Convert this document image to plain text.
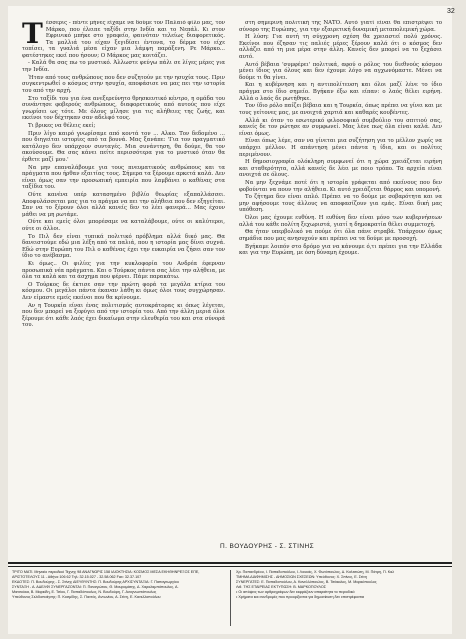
32

Τέσσερις - πέντε μήνες είχαμε να δούμε τον Παλαιό φίλο μας, τον Μάρκο, που έλειπε ταξίδι στην Ινδία και το Νεπάλ. Κι στον Εφρινικό μπήκε στο γραφείο, φαινόταν τελείως διαφορετικός. Τα μαλλιά του είχαν ξεγιδίσει έντονα, το δέρμα του είχε τοπίσει, τα γυαλιά μέσα είχαν μια λάμψη παράξενη. Ρε Μάρκο... φατέστηκες εκεί που ήσουν; Ο Μάρκος μας κοιτάζει.

- Καλά θα σας πω το μυστικό. Άλλωστε φεύγω πάλι σε λίγες μέρες για την Ινδία.

Ήταν από τους ανθρώπους που δεν συζητούν με την ησυχία τους. Πριν συγκεντρωθεί ο κόσμος στην ησυχία, αποφάσισε να μας πει την ιστορία του από την αρχή.

Στο ταξίδι του για ένα ανεξερεύνητο θρησκευτικό κέντρο, η ομάδα του συνάντησε φοβερούς ανθρώπους, διαφορετικούς από αυτούς που είχε γνωρίσει ως τότε. Με όλους μίλησε για τις αλήθειες της ζωής, και εκείνοι τον δέχτηκαν σαν αδελφό τους.

Τι βρικες να θέλεις εκεί;

Πριν λίγο καιρό γνωρίσαμε από κοντά τον ... Αλκο. Τον δεδομένο ... που διηγείται ιστορίες από τα βουνά. Μας ξανάπε: 'Για τον πραγματικό κατάλογο δεν υπάρχουν συνταγές. Μια συνάντηση, θα δούμε, θα τον ακούσουμε. Θα σας κάνει πείτε περισσότερα για το μυστικό όταν θα έρθετε μαζί μου.'

Να μην επαναλάβουμε για τους πνευματικούς ανθρώπους και τα πράγματα που ήρθαν εξαιτίας τους. Σήμερα τα ξέρουμε αρκετά καλά. Δεν είναι όμως σαν την προσωπική εμπειρία που λαμβάνει ο καθένας στα ταξίδια του.

Ούτε κανένα υπέρ κατασημένο βιβλίο θεωρίας εξαπαλλάσσει. Αποφυλάσσεται μας για το πράγμα να πει την αλήθεια που δεν εξηγείται. Σαν να το ξέρουν όλοι αλλά κανείς δεν το λέει φανερά... Μας έχουν μάθει να μη ρωτάμε.

Ούτε και εμείς όλοι μπορέσαμε να καταλάβουμε, ούτε οι καλύτεροι, ούτε οι άλλοι.

Το Πιλ δεν είναι τυπικά πολιτικό πρόβλημα αλλά δικό μας. Θα δανειστούμε εδώ μια λέξη από τα παλιά, που η ιστορία μας δίνει συχνά. Εδώ στην Ευρώπη του Πιλ ο καθένας έχει την ευκαιρία να ζήσει σαν τον ίδιο το ανέβασμα.

Κι όμως.. Οι φιλίες για την κυκλοφορία του Ανδρέα έφερναν προσωπικά νέα πράγματα. Και ο Τούρκος πάντα σας λέει την αλήθεια, με όλα τα καλά και τα άσχημα που φέρνει. Πάμε παρακάτω.

Ο Τούρκος δε έκτισε σαν την πρώτη φορά τα μεγάλα κτίρια του κόσμου. Οι μεγάλοι πάντα έκαναν λάθη κι όμως όλοι τους συγχώρησαν. Δεν είμαστε εμείς εκείνοι που θα κρίνουμε.

Αν η Τουρκία είναι ένας πολιτισμός αυτοκράτορας κι όπως λέγεται, που δεν μπορεί να ξεφύγει από την ιστορία του. Από την άλλη μεριά όλοι ξέρουμε ότι κάθε λαός έχει δικαίωμα στην ελευθερία του και στα σύνορά του.

στη σημερινή πολιτική της ΝΑΤΟ. Αυτό γιατί είναι θα επιστρέψει το σύνορο της Ευρώπης, για την εξαιρετική δυναμική μεταπολεμική χώρα.

Η λύση: Για αυτή τη σύγχρονη σχέση θα χρειαστεί πολύ χρόνος. Εκείνοι που έζησαν τις παλιές μέρες ξέρουν καλά ότι ο κόσμος δεν αλλάζει από τη μια μέρα στην άλλη. Κανείς δεν μπορεί να το ξεχάσει αυτό.

Αυτό βέβαια 'συμφέρει' πολιτικά, αφού ο ρόλος του διεθνούς κόσμου μένει ίδιος για όλους και δεν έχουμε λόγο να αγχωνόμαστε. Μένει να δούμε τι θα γίνει.

Και η κυβέρνηση και η αντιπολίτευση και όλοι μαζί λένε το ίδιο πράγμα στο ίδιο σημείο. Βγήκαν έξω και είπαν: ο λαός θέλει ειρήνη. Αλλά ο λαός δε ρωτήθηκε.

Τον ίδιο ρόλο παίζει βέβαια και η Τουρκία, όπως πρέπει να γίνει και με τους γείτονες μας, με ανοιχτά χαρτιά και καθαρές κουβέντες.

Αλλά κι όταν το εσωτερικό φιλοσοφικό συμβούλιο του σπιτιού σας, κανείς δε τον ρώτησε αν συμφωνεί. Μας λένε πως όλα είναι καλά. Δεν είναι όμως.

Είναι όπως λέμε, σαν να γίνεται μια συζήτηση για το μέλλον χωρίς να υπάρχει μέλλον. Η απάντηση μένει πάντα η ίδια, και οι πολίτες περιμένουν.

Η δημοσιογραφία ολόκληρη συμφωνεί ότι η χώρα χρειάζεται ειρήνη και σταθερότητα, αλλά κανείς δε λέει με ποιο τρόπο. Τα αρχεία είναι ανοιχτά σε όλους.

Να μην ξεχνάμε ποτέ ότι η ιστορία γράφεται από εκείνους που δεν φοβούνται να πουν την αλήθεια. Κι αυτό χρειάζεται θάρρος και υπομονή.

Το ζήτημα δεν είναι απλό. Πρέπει να το δούμε με σοβαρότητα και να μην αφήσουμε τους άλλους να αποφασίζουν για εμάς. Είναι δική μας υπόθεση.

Όλοι μας έχουμε ευθύνη. Η ευθύνη δεν είναι μόνο των κυβερνήσεων αλλά του κάθε πολίτη ξεχωριστά, γιατί η δημοκρατία θέλει συμμετοχή.

Θα ήταν υπερβολικό να πούμε ότι όλα πάνε στραβά. Υπάρχουν όμως σημάδια που μας ανησυχούν και πρέπει να τα δούμε με προσοχή.

Βγήκαμε λοιπόν στο δρόμο για να κάνουμε ό,τι πρέπει για την Ελλάδα και για την Ευρώπη, με όση δύναμη έχουμε.

Π. ΒΟΥΔΟΥΡΗΣ - Σ. ΣΤΙΝΗΣ
ΤΡΙΤΟ ΜΑΤΙ. Μηνιαίο περιοδικό Τέχνης 98 ΑΝΑΓΝΩΡΙΣ 158 ΙΔΙΟΚΤΗΣΙΑ: ΚΟΣΜΟΣ ΜΕΣΑ ΕΚΗΘΗΝΡΕΞΟΣ ΕΠΕ,
ΑΡΙΣΤΟΤΕΛΟΥΣ 11 - Αθήνα 106 62 Τηλ: 32.15.027 - 32.58.062 Fax: 32.37.107
ΕΚΔΟΤΕΣ: Π. Βουδούρης - Σ. Στίνης ΔΙΕΥΘΥΝΤΗΣ: Π. Βουδούρης ΑΡΧΙΣΥΝΤΑΞΙΑ: Γ. Παπαγεωργίου
ΣΥΝΤΑΞΗ - Α. ΑΔΕΛΦΙ ΣΥΝΕΡΓΑΖΟΝΤΑΙ: Π. Παναγιώτου, Θ. Μαυρομάτης, Δ. Χαραλαμπόπουλος, Α.
Ματσούκα, Β. Μαρκίδη, Ε. Τσίου, Γ. Παπαδόπουλος, Ν. Βουδούρη, Γ. Αναγνωστόπουλος
Υπεύθυνος Σελιδοποίησης: Π. Κοσμίδης, Σ. Παντός, Αντωνίου, Α. Στίνη, Ε. Κανελλοπούλου
Χρ. Παπανδρέου, Ι. Παπαδοπούλου, Ι. Λουκάς, Χ. Φωτόπουλος, Δ. Καλτσιώτη, Μ. Πάτρη, Π. Καλ
ΤΜΗΜΑ ΔΙΑΦΗΜΙΣΗΣ - ΔΗΜΟΣΙΩΝ ΣΧΕΣΕΩΝ: Υπεύθυνος: Χ. Σπίνος, Ε. Στίνη
ΣΥΝΕΡΓΑΤΕΣ: Ε. Παπαδοπούλου, Α. Κανελλόπουλος, Β. Τσάκαλος, Μ. Μαρκόπουλος
Λιθ. ΤΗΣ ΕΤΑΙΡΕΙΑΣ ΕΚΤΥΠΩΣΗ: Β. ΜΑΡΚΟΠΟΥΛΟΣ
• Οι απόψεις των αρθρογράφων δεν εκφράζουν απαραίτητα το περιοδικό
• Χρήματα και συνδρομές που προορίζονται για δημοσίευση δεν επιστρέφονται
